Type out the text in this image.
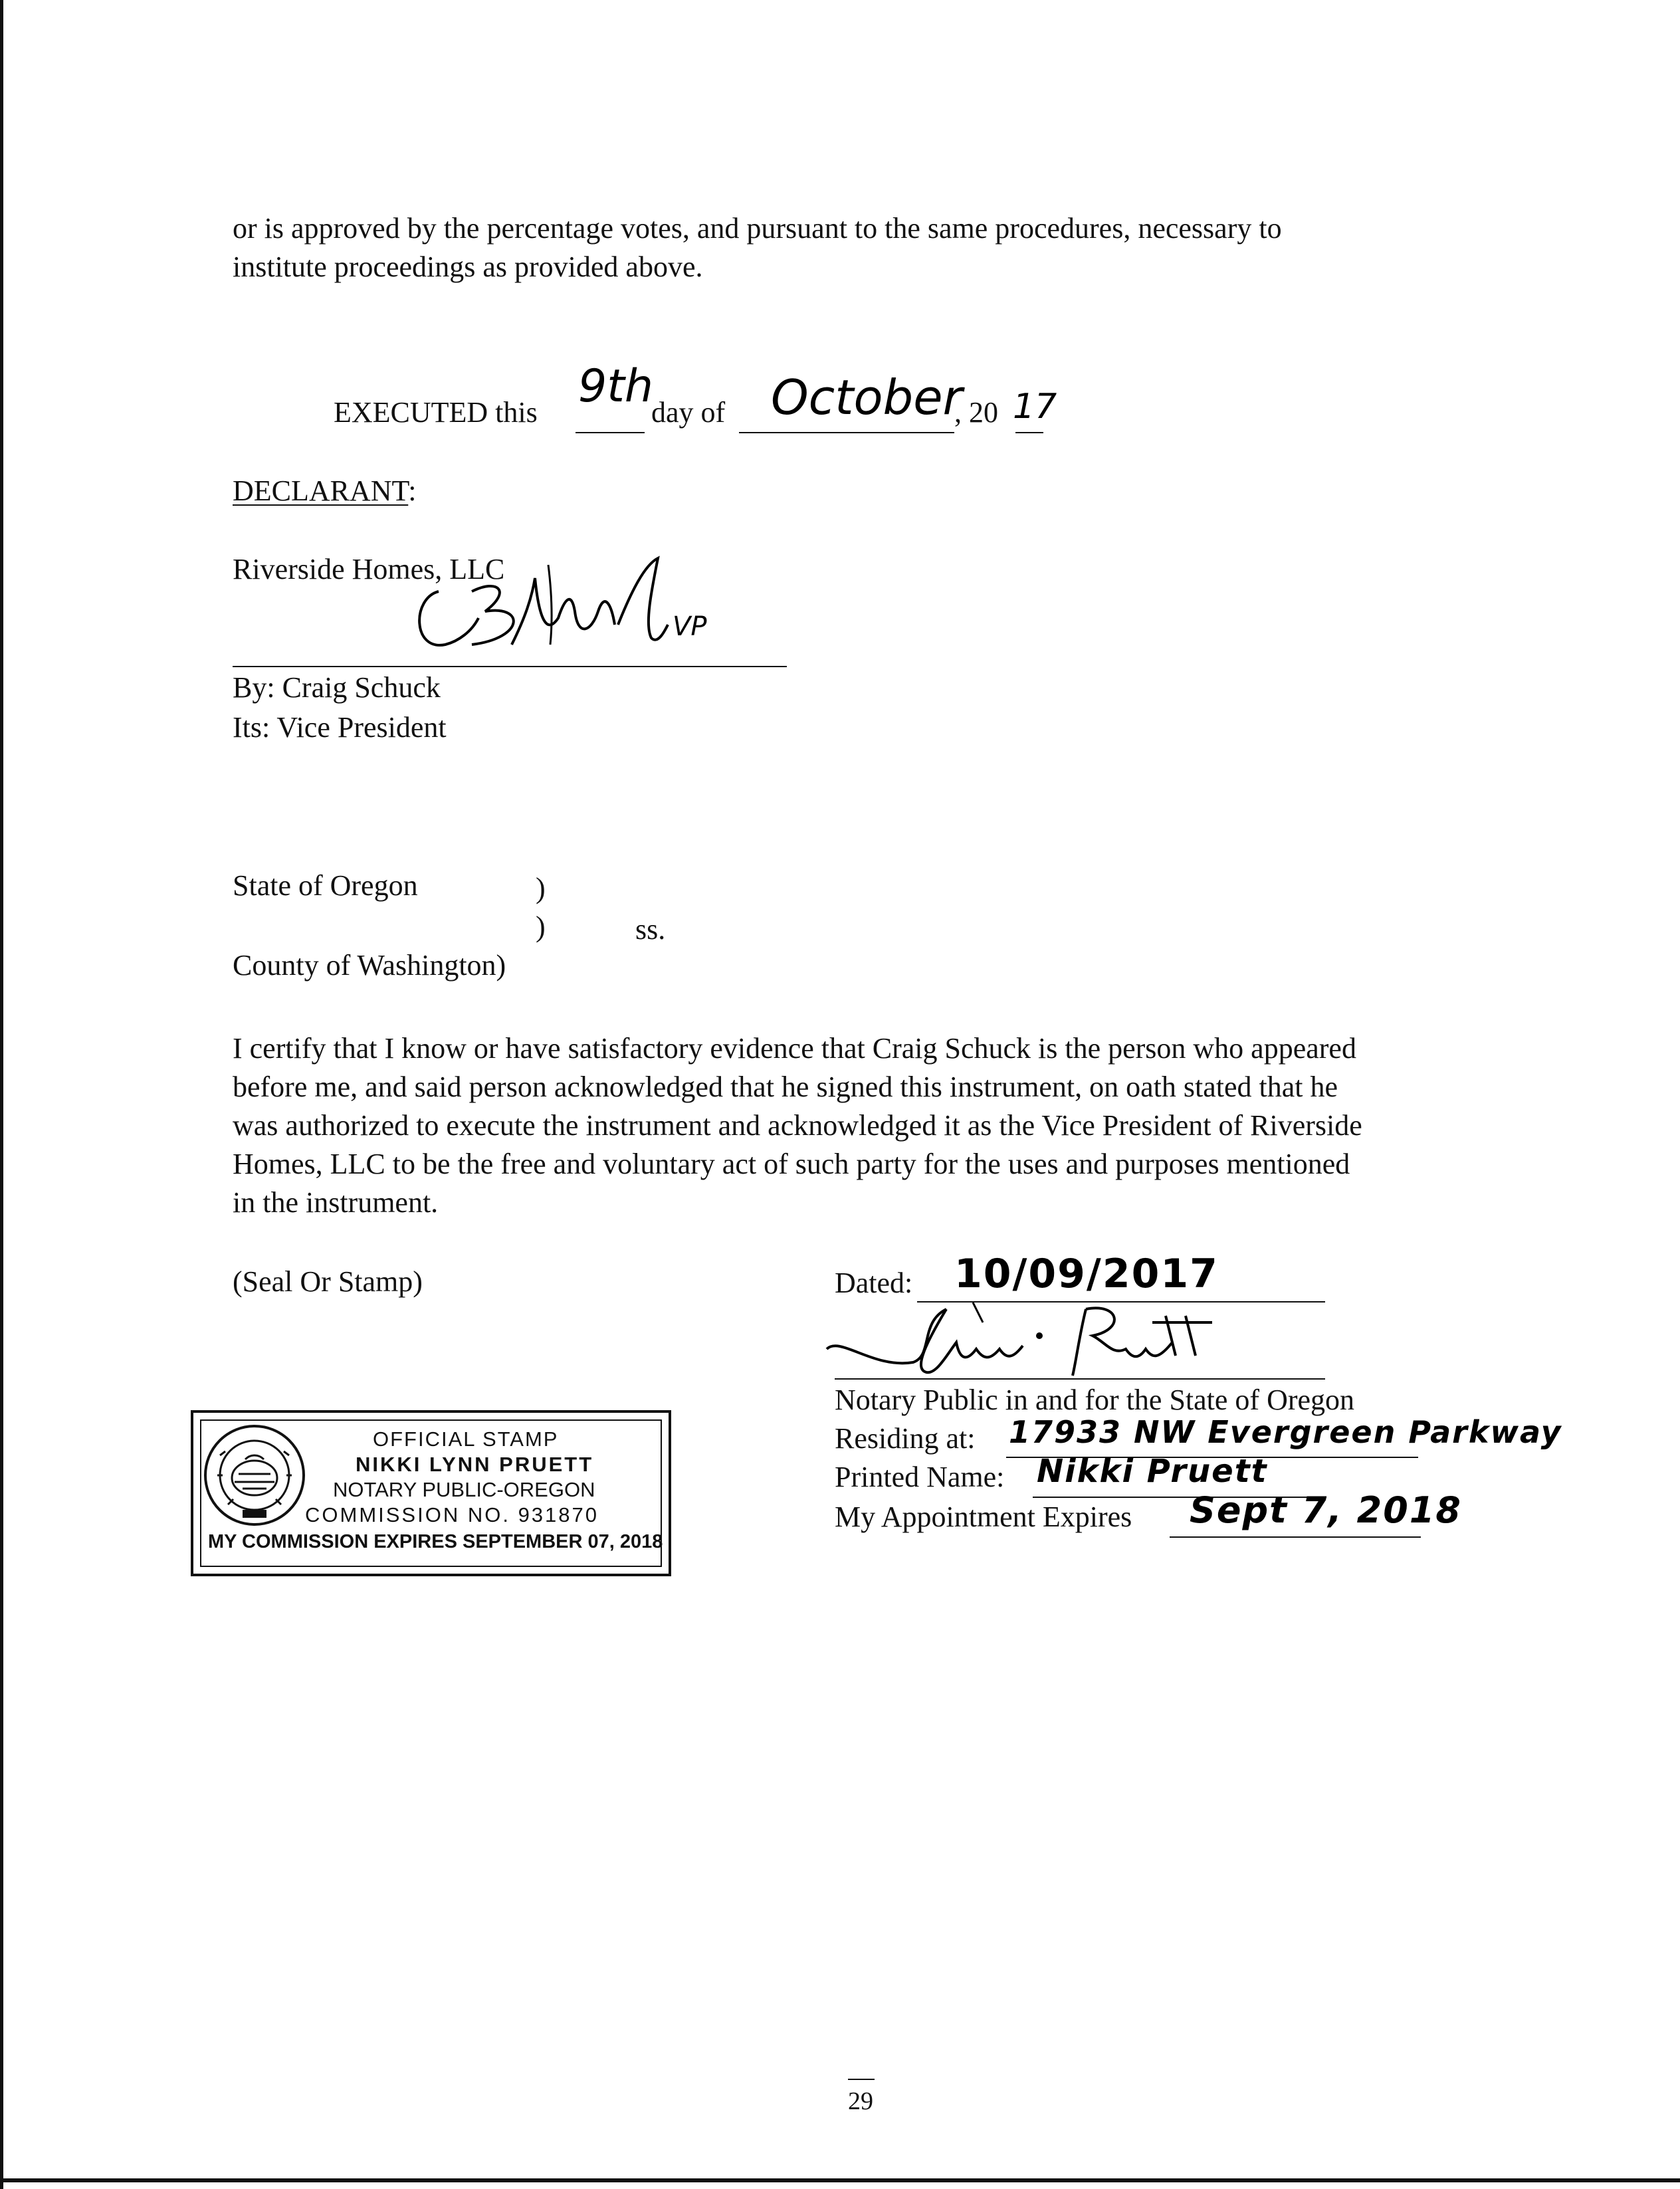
or is approved by the percentage votes, and pursuant to the same procedures, necessary to
institute proceedings as provided above.
EXECUTED this 9th
day of October
, 20 17
DECLARANT:
Riverside Homes, LLC
VP
By: Craig Schuck
Its: Vice President
State of Oregon	)
)	ss.
County of Washington)
I certify that I know or have satisfactory evidence that Craig Schuck is the person who appeared
before me, and said person acknowledged that he signed this instrument, on oath stated that he
was authorized to execute the instrument and acknowledged it as the Vice President of Riverside
Homes, LLC to be the free and voluntary act of such party for the uses and purposes mentioned
in the instrument.
(Seal Or Stamp)
OFFICIAL STAMP
NIKKI LYNN PRUETT
NOTARY PUBLIC-OREGON
COMMISSION NO. 931870
MY COMMISSION EXPIRES SEPTEMBER 07, 2018
Dated: 10/09/2017
Notary Public in and for the State of Oregon
Residing at: 17933 NW Evergreen Parkway
Printed Name: Nikki Pruett
My Appointment Expires Sept 7, 2018
29
